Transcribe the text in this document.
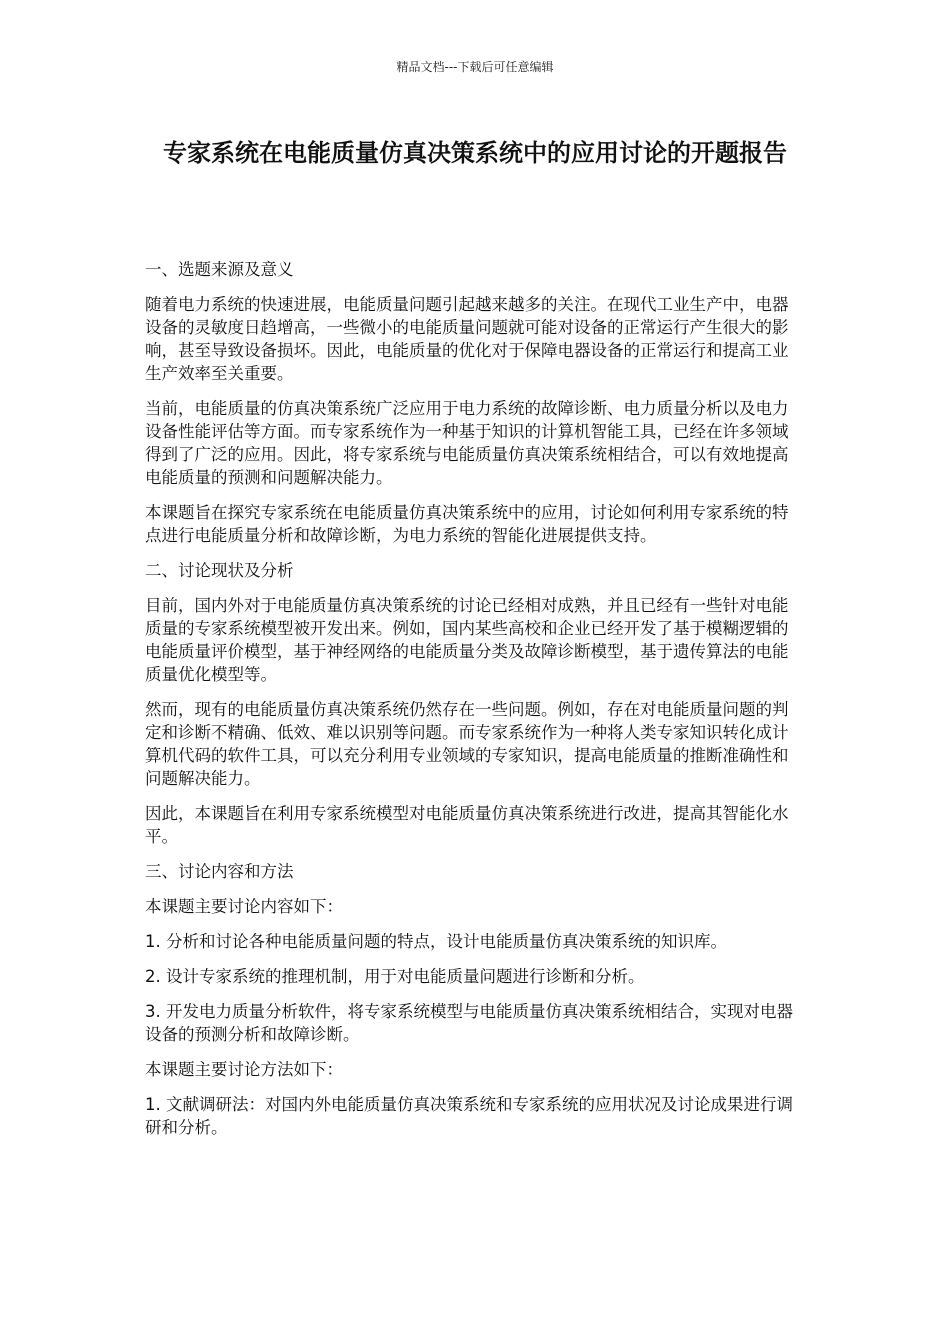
精品文档---下载后可任意编辑
专家系统在电能质量仿真决策系统中的应用讨论的开题报告

一、选题来源及意义

随着电力系统的快速进展，电能质量问题引起越来越多的关注。在现代工业生产中，电器设备的灵敏度日趋增高，一些微小的电能质量问题就可能对设备的正常运行产生很大的影响，甚至导致设备损坏。因此，电能质量的优化对于保障电器设备的正常运行和提高工业生产效率至关重要。

当前，电能质量的仿真决策系统广泛应用于电力系统的故障诊断、电力质量分析以及电力设备性能评估等方面。而专家系统作为一种基于知识的计算机智能工具，已经在许多领域得到了广泛的应用。因此，将专家系统与电能质量仿真决策系统相结合，可以有效地提高电能质量的预测和问题解决能力。

本课题旨在探究专家系统在电能质量仿真决策系统中的应用，讨论如何利用专家系统的特点进行电能质量分析和故障诊断，为电力系统的智能化进展提供支持。

二、讨论现状及分析

目前，国内外对于电能质量仿真决策系统的讨论已经相对成熟，并且已经有一些针对电能质量的专家系统模型被开发出来。例如，国内某些高校和企业已经开发了基于模糊逻辑的电能质量评价模型，基于神经网络的电能质量分类及故障诊断模型，基于遗传算法的电能质量优化模型等。

然而，现有的电能质量仿真决策系统仍然存在一些问题。例如，存在对电能质量问题的判定和诊断不精确、低效、难以识别等问题。而专家系统作为一种将人类专家知识转化成计算机代码的软件工具，可以充分利用专业领域的专家知识，提高电能质量的推断准确性和问题解决能力。

因此，本课题旨在利用专家系统模型对电能质量仿真决策系统进行改进，提高其智能化水平。

三、讨论内容和方法

本课题主要讨论内容如下：

1. 分析和讨论各种电能质量问题的特点，设计电能质量仿真决策系统的知识库。

2. 设计专家系统的推理机制，用于对电能质量问题进行诊断和分析。

3. 开发电力质量分析软件，将专家系统模型与电能质量仿真决策系统相结合，实现对电器设备的预测分析和故障诊断。

本课题主要讨论方法如下：

1. 文献调研法：对国内外电能质量仿真决策系统和专家系统的应用状况及讨论成果进行调研和分析。
